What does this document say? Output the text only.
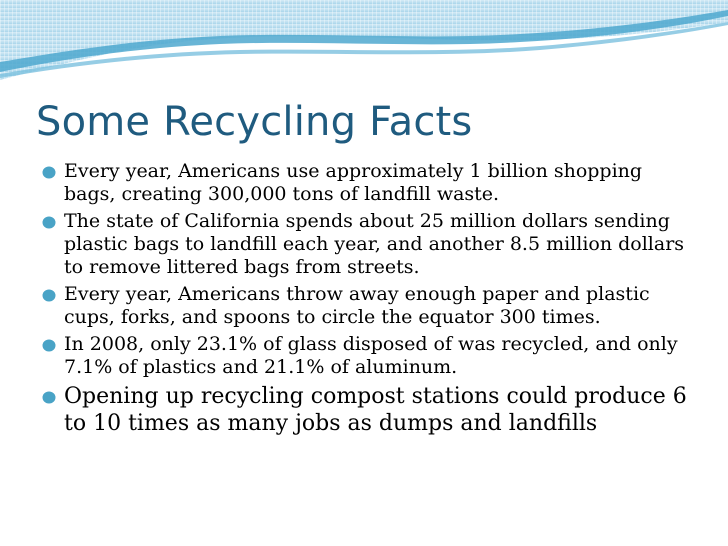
Some Recycling Facts
Every year, Americans use approximately 1 billion shopping bags, creating 300,000 tons of landfill waste.
The state of California spends about 25 million dollars sending plastic bags to landfill each year, and another 8.5 million dollars to remove littered bags from streets.
Every year, Americans throw away enough paper and plastic cups, forks, and spoons to circle the equator 300 times.
In 2008, only 23.1% of glass disposed of was recycled, and only 7.1% of plastics and 21.1% of aluminum.
Opening up recycling compost stations could produce 6 to 10 times as many jobs as dumps and landfills
